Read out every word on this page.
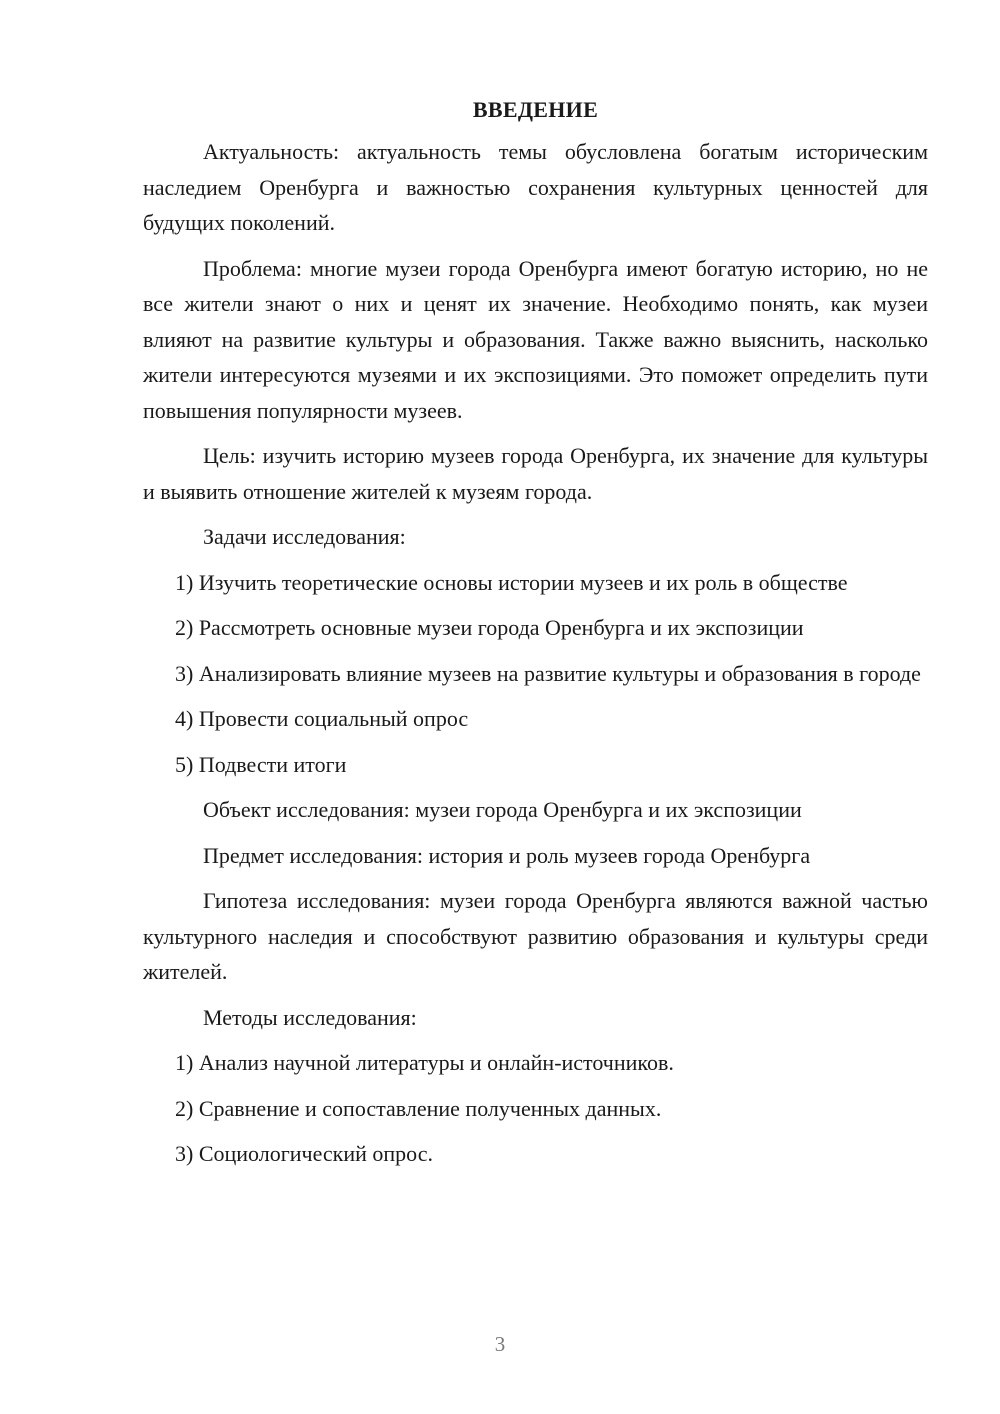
ВВЕДЕНИЕ

Актуальность: актуальность темы обусловлена богатым историческим наследием Оренбурга и важностью сохранения культурных ценностей для будущих поколений.

Проблема: многие музеи города Оренбурга имеют богатую историю, но не все жители знают о них и ценят их значение. Необходимо понять, как музеи влияют на развитие культуры и образования. Также важно выяснить, насколько жители интересуются музеями и их экспозициями. Это поможет определить пути повышения популярности музеев.

Цель: изучить историю музеев города Оренбурга, их значение для культуры и выявить отношение жителей к музеям города.

Задачи исследования:

1) Изучить теоретические основы истории музеев и их роль в обществе

2) Рассмотреть основные музеи города Оренбурга и их экспозиции

3) Анализировать влияние музеев на развитие культуры и образования в городе

4) Провести социальный опрос

5) Подвести итоги

Объект исследования: музеи города Оренбурга и их экспозиции

Предмет исследования: история и роль музеев города Оренбурга

Гипотеза исследования: музеи города Оренбурга являются важной частью культурного наследия и способствуют развитию образования и культуры среди жителей.

Методы исследования:

1) Анализ научной литературы и онлайн-источников.

2) Сравнение и сопоставление полученных данных.

3) Социологический опрос.

3
